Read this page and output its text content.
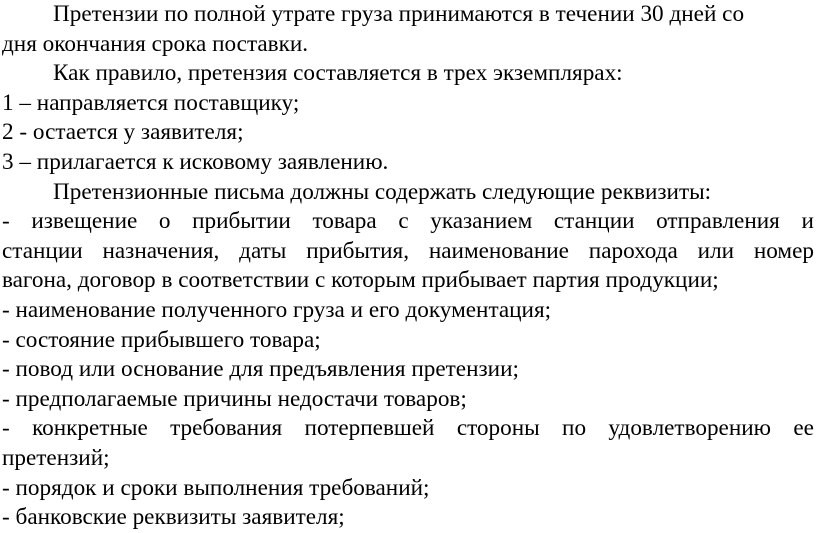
Претензии по полной утрате груза принимаются в течении 30 дней со
дня окончания срока поставки.
Как правило, претензия составляется в трех экземплярах:
1 – направляется поставщику;
2 - остается у заявителя;
3 – прилагается к исковому заявлению.
Претензионные письма должны содержать следующие реквизиты:
- извещение о прибытии товара с указанием станции отправления и
станции назначения, даты прибытия, наименование парохода или номер
вагона, договор в соответствии с которым прибывает партия продукции;
- наименование полученного груза и его документация;
- состояние прибывшего товара;
- повод или основание для предъявления претензии;
- предполагаемые причины недостачи товаров;
- конкретные требования потерпевшей стороны по удовлетворению ее
претензий;
- порядок и сроки выполнения требований;
- банковские реквизиты заявителя;
